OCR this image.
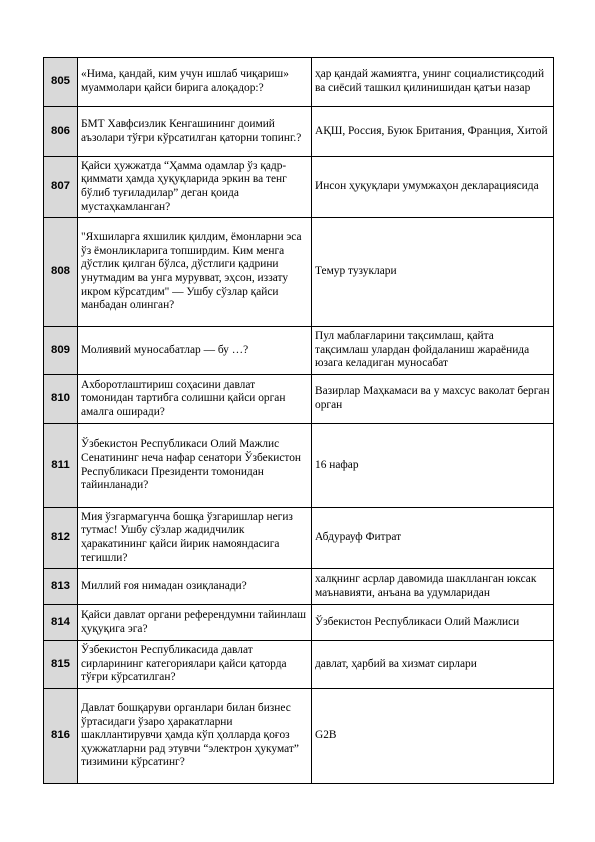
805	«Нима, қандай, ким учун ишлаб чиқариш» муаммолари қайси бирига алоқадор:?	ҳар қандай жамиятга, унинг социалистиқсодий ва сиёсий ташкил қилинишидан қатъи назар
806	БМТ Хавфсизлик Кенгашининг доимий аъзолари тўғри кўрсатилган қаторни топинг.?	АҚШ, Россия, Буюк Британия, Франция, Хитой
807	Қайси ҳужжатда “Ҳамма одамлар ўз қадр-қиммати ҳамда ҳуқуқларида эркин ва тенг бўлиб туғиладилар” деган қоида мустаҳкамланган?	Инсон ҳуқуқлари умумжаҳон декларациясида
808	"Яхшиларга яхшилик қилдим, ёмонларни эса ўз ёмонликларига топширдим. Ким менга дўстлик қилган бўлса, дўстлиги қадрини унутмадим ва унга мурувват, эҳсон, иззату икром кўрсатдим" — Ушбу сўзлар қайси манбадан олинган?	Темур тузуклари
809	Молиявий муносабатлар — бу …?	Пул маблағларини тақсимлаш, қайта тақсимлаш улардан фойдаланиш жараёнида юзага келадиган муносабат
810	Ахборотлаштириш соҳасини давлат томонидан тартибга солишни қайси орган амалга оширади?	Вазирлар Маҳкамаси ва у махсус ваколат берган орган
811	Ўзбекистон Республикаси Олий Мажлис Сенатининг неча нафар сенатори Ўзбекистон Республикаси Президенти томонидан тайинланади?	16 нафар
812	Мия ўзгармагунча бошқа ўзгаришлар негиз тутмас! Ушбу сўзлар жадидчилик ҳаракатининг қайси йирик намояндасига тегишли?	Абдурауф Фитрат
813	Миллий ғоя нимадан озиқланади?	халқнинг асрлар давомида шаклланган юксак маънавияти, анъана ва удумларидан
814	Қайси давлат органи референдумни тайинлаш ҳуқуқига эга?	Ўзбекистон Республикаси Олий Мажлиси
815	Ўзбекистон Республикасида давлат сирларининг категориялари қайси қаторда тўғри кўрсатилган?	давлат, ҳарбий ва хизмат сирлари
816	Давлат бошқаруви органлари билан бизнес ўртасидаги ўзаро ҳаракатларни шакллантирувчи ҳамда кўп ҳолларда қоғоз ҳужжатларни рад этувчи “электрон ҳукумат” тизимини кўрсатинг?	G2B
